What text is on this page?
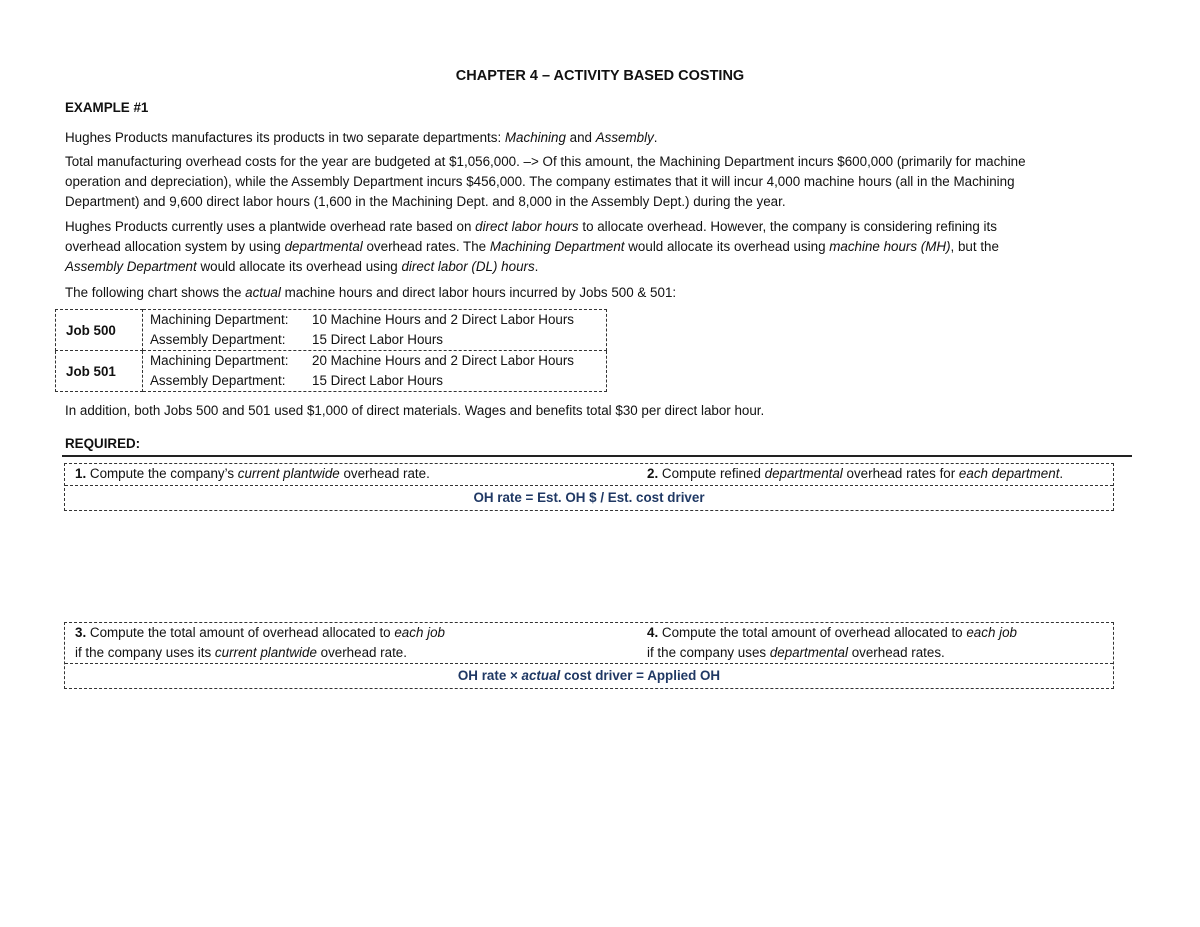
CHAPTER 4 – ACTIVITY BASED COSTING
EXAMPLE #1
Hughes Products manufactures its products in two separate departments: Machining and Assembly.
Total manufacturing overhead costs for the year are budgeted at $1,056,000. –> Of this amount, the Machining Department incurs $600,000 (primarily for machine
operation and depreciation), while the Assembly Department incurs $456,000. The company estimates that it will incur 4,000 machine hours (all in the Machining
Department) and 9,600 direct labor hours (1,600 in the Machining Dept. and 8,000 in the Assembly Dept.) during the year.
Hughes Products currently uses a plantwide overhead rate based on direct labor hours to allocate overhead. However, the company is considering refining its
overhead allocation system by using departmental overhead rates. The Machining Department would allocate its overhead using machine hours (MH), but the
Assembly Department would allocate its overhead using direct labor (DL) hours.
The following chart shows the actual machine hours and direct labor hours incurred by Jobs 500 & 501:
Job 500	Machining Department: 10 Machine Hours and 2 Direct Labor Hours
Assembly Department: 15 Direct Labor Hours

Job 501	Machining Department: 20 Machine Hours and 2 Direct Labor Hours
Assembly Department: 15 Direct Labor Hours
In addition, both Jobs 500 and 501 used $1,000 of direct materials. Wages and benefits total $30 per direct labor hour.
REQUIRED:
1. Compute the company’s current plantwide overhead rate.	2. Compute refined departmental overhead rates for each department.
OH rate = Est. OH $ / Est. cost driver
3. Compute the total amount of overhead allocated to each job
if the company uses its current plantwide overhead rate.
4. Compute the total amount of overhead allocated to each job
if the company uses departmental overhead rates.
OH rate × actual cost driver = Applied OH
